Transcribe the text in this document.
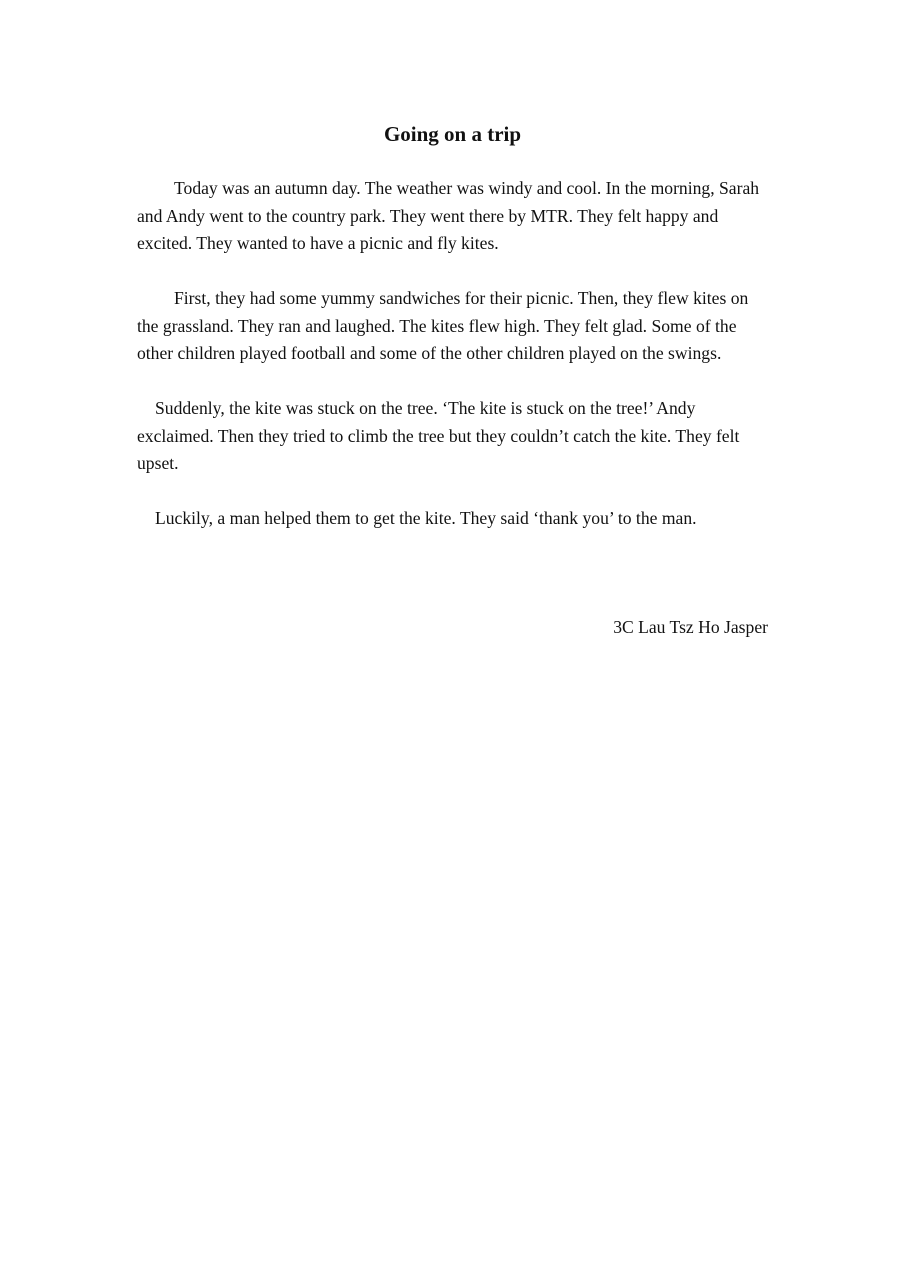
Going on a trip

Today was an autumn day. The weather was windy and cool. In the morning, Sarah and Andy went to the country park. They went there by MTR. They felt happy and excited. They wanted to have a picnic and fly kites.

First, they had some yummy sandwiches for their picnic. Then, they flew kites on the grassland. They ran and laughed. The kites flew high. They felt glad. Some of the other children played football and some of the other children played on the swings.

Suddenly, the kite was stuck on the tree. ‘The kite is stuck on the tree!’ Andy exclaimed. Then they tried to climb the tree but they couldn’t catch the kite. They felt upset.

Luckily, a man helped them to get the kite. They said ‘thank you’ to the man.

3C Lau Tsz Ho Jasper
